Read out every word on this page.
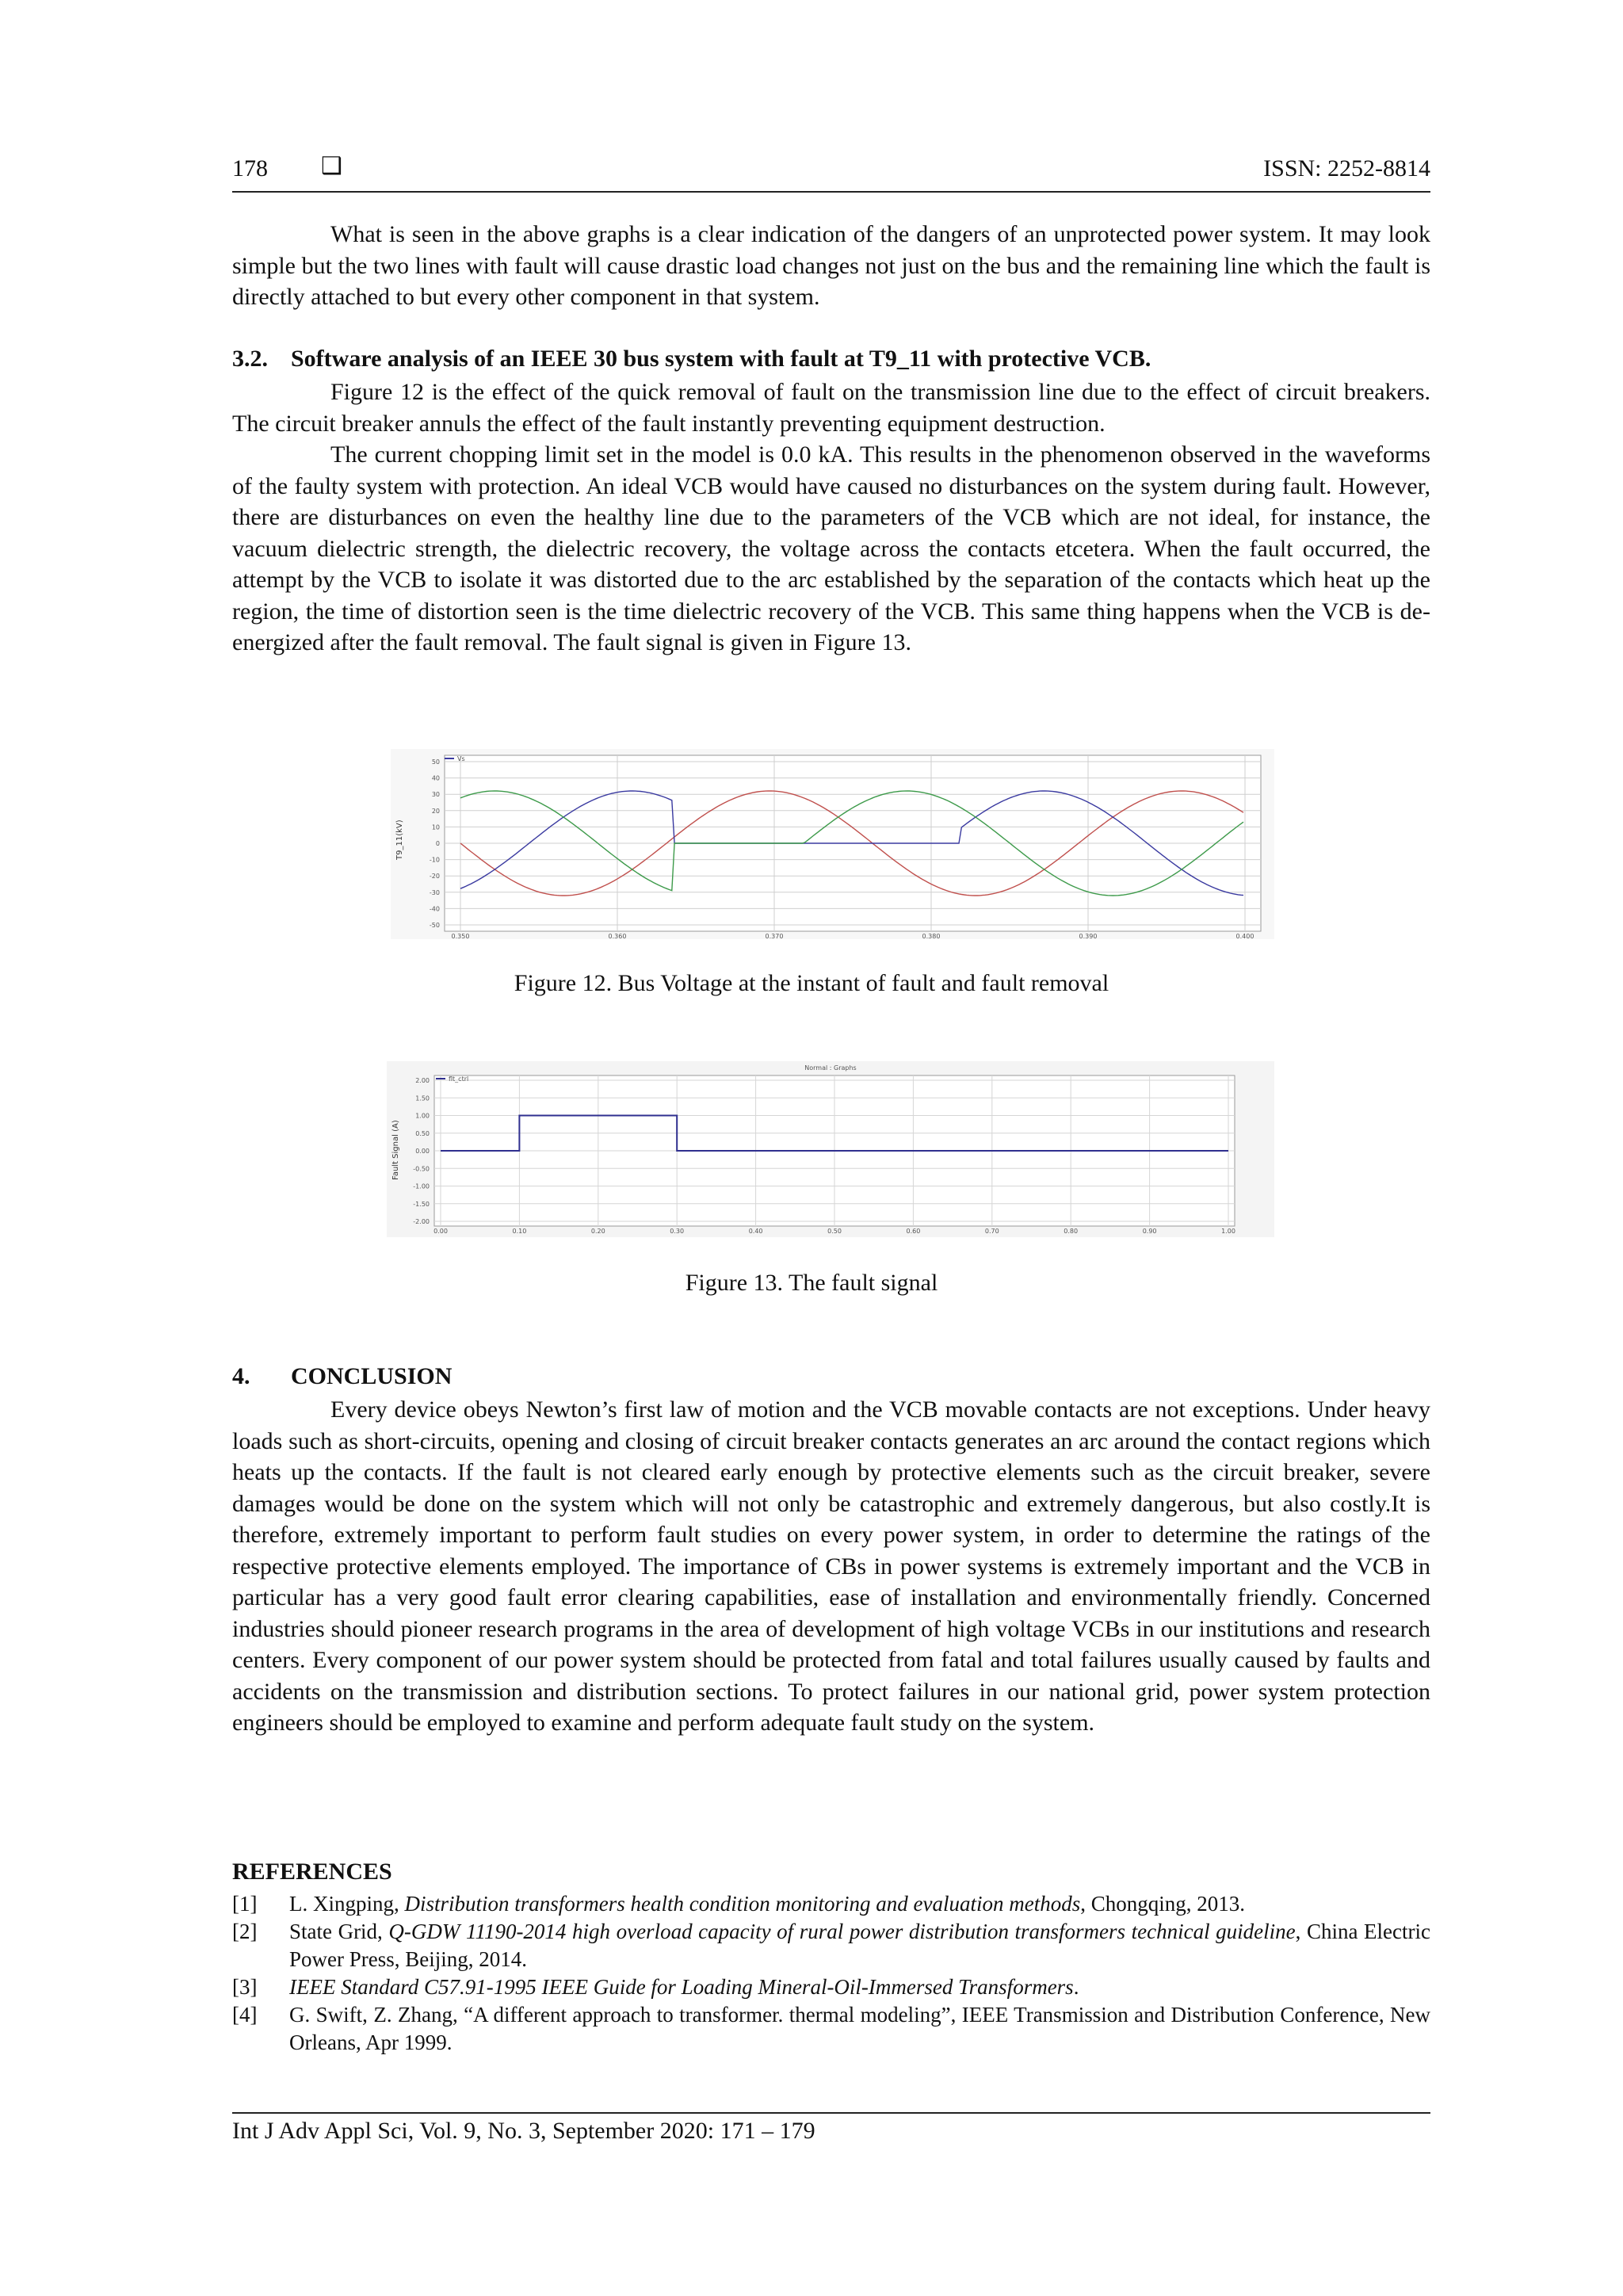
178 ❑	ISSN: 2252-8814

What is seen in the above graphs is a clear indication of the dangers of an unprotected power system. It may look simple but the two lines with fault will cause drastic load changes not just on the bus and the remaining line which the fault is directly attached to but every other component in that system.

3.2. Software analysis of an IEEE 30 bus system with fault at T9_11 with protective VCB.

Figure 12 is the effect of the quick removal of fault on the transmission line due to the effect of circuit breakers. The circuit breaker annuls the effect of the fault instantly preventing equipment destruction.

The current chopping limit set in the model is 0.0 kA. This results in the phenomenon observed in the waveforms of the faulty system with protection. An ideal VCB would have caused no disturbances on the system during fault. However, there are disturbances on even the healthy line due to the parameters of the VCB which are not ideal, for instance, the vacuum dielectric strength, the dielectric recovery, the voltage across the contacts etcetera. When the fault occurred, the attempt by the VCB to isolate it was distorted due to the arc established by the separation of the contacts which heat up the region, the time of distortion seen is the time dielectric recovery of the VCB. This same thing happens when the VCB is de-energized after the fault removal. The fault signal is given in Figure 13.

50
40
30
20
10
0
-10
-20
-30
-40
-50
0.350	0.360	0.370	0.380	0.390	0.400
Vs
T9_11(kV)
Figure 12. Bus Voltage at the instant of fault and fault removal
Normal : Graphs
2.00
1.50
1.00
0.50
0.00
-0.50
-1.00
-1.50
-2.00
0.00	0.10	0.20	0.30	0.40	0.50	0.60	0.70	0.80	0.90	1.00
flt_ctrl
Fault Signal (A)
Figure 13. The fault signal
4. CONCLUSION

Every device obeys Newton’s first law of motion and the VCB movable contacts are not exceptions. Under heavy loads such as short-circuits, opening and closing of circuit breaker contacts generates an arc around the contact regions which heats up the contacts. If the fault is not cleared early enough by protective elements such as the circuit breaker, severe damages would be done on the system which will not only be catastrophic and extremely dangerous, but also costly.It is therefore, extremely important to perform fault studies on every power system, in order to determine the ratings of the respective protective elements employed. The importance of CBs in power systems is extremely important and the VCB in particular has a very good fault error clearing capabilities, ease of installation and environmentally friendly. Concerned industries should pioneer research programs in the area of development of high voltage VCBs in our institutions and research centers. Every component of our power system should be protected from fatal and total failures usually caused by faults and accidents on the transmission and distribution sections. To protect failures in our national grid, power system protection engineers should be employed to examine and perform adequate fault study on the system.

REFERENCES
[1]	L. Xingping, Distribution transformers health condition monitoring and evaluation methods, Chongqing, 2013.
[2]	State Grid, Q-GDW 11190-2014 high overload capacity of rural power distribution transformers technical guideline, China Electric Power Press, Beijing, 2014.
[3]	IEEE Standard C57.91-1995 IEEE Guide for Loading Mineral-Oil-Immersed Transformers.
[4]	G. Swift, Z. Zhang, “A different approach to transformer. thermal modeling”, IEEE Transmission and Distribution Conference, New Orleans, Apr 1999.
Int J Adv Appl Sci, Vol. 9, No. 3, September 2020: 171 – 179
